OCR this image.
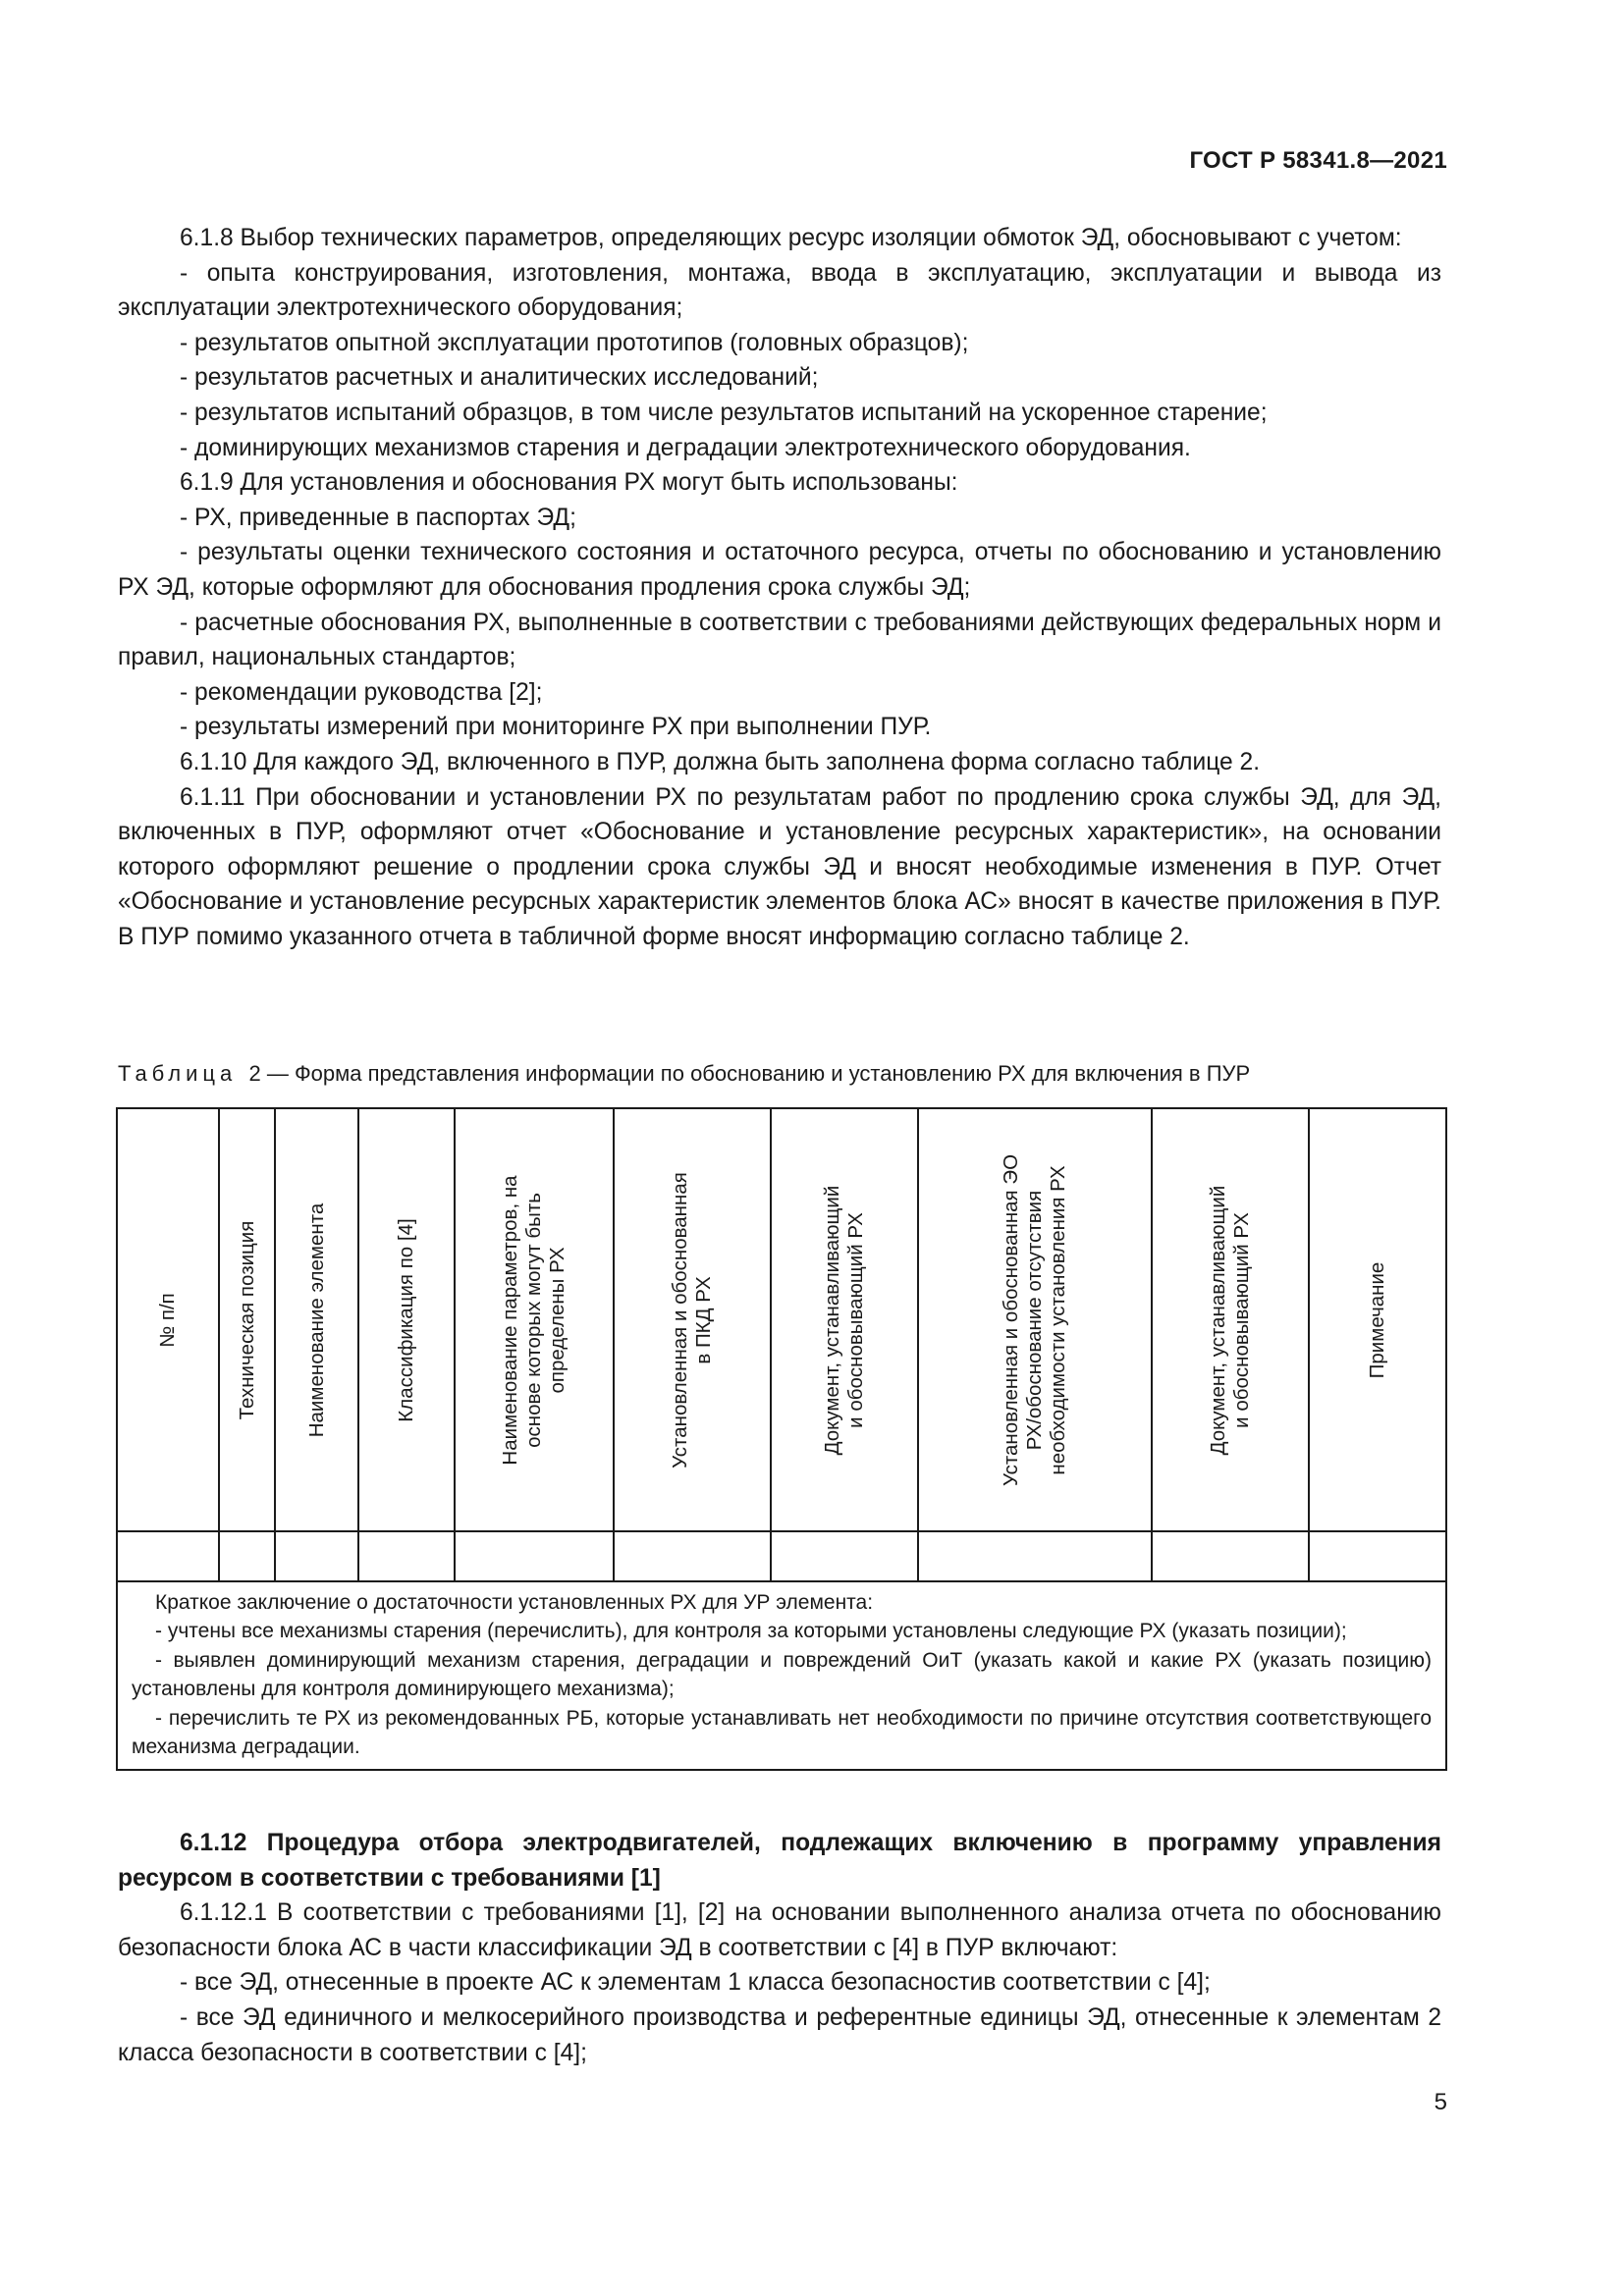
ГОСТ Р 58341.8—2021

6.1.8 Выбор технических параметров, определяющих ресурс изоляции обмоток ЭД, обосновывают с учетом:

- опыта конструирования, изготовления, монтажа, ввода в эксплуатацию, эксплуатации и вывода из эксплуатации электротехнического оборудования;

- результатов опытной эксплуатации прототипов (головных образцов);

- результатов расчетных и аналитических исследований;

- результатов испытаний образцов, в том числе результатов испытаний на ускоренное старение;

- доминирующих механизмов старения и деградации электротехнического оборудования.

6.1.9 Для установления и обоснования РХ могут быть использованы:

- РХ, приведенные в паспортах ЭД;

- результаты оценки технического состояния и остаточного ресурса, отчеты по обоснованию и установлению РХ ЭД, которые оформляют для обоснования продления срока службы ЭД;

- расчетные обоснования РХ, выполненные в соответствии с требованиями действующих федеральных норм и правил, национальных стандартов;

- рекомендации руководства [2];

- результаты измерений при мониторинге РХ при выполнении ПУР.

6.1.10 Для каждого ЭД, включенного в ПУР, должна быть заполнена форма согласно таблице 2.

6.1.11 При обосновании и установлении РХ по результатам работ по продлению срока службы ЭД, для ЭД, включенных в ПУР, оформляют отчет «Обоснование и установление ресурсных характеристик», на основании которого оформляют решение о продлении срока службы ЭД и вносят необходимые изменения в ПУР. Отчет «Обоснование и установление ресурсных характеристик элементов блока АС» вносят в качестве приложения в ПУР. В ПУР помимо указанного отчета в табличной форме вносят информацию согласно таблице 2.

Таблица 2 — Форма представления информации по обоснованию и установлению РХ для включения в ПУР
№ п/п	Техническая позиция	Наименование элемента	Классификация по [4]	Наименование параметров, на основе которых могут быть определены РХ	Установленная и обоснованная в ПКД РХ	Документ, устанавливающий и обосновывающий РХ	Установленная и обоснованная ЭО РХ/обоснование отсутствия необходимости установления РХ	Документ, устанавливающий и обосновывающий РХ	Примечание

Краткое заключение о достаточности установленных РХ для УР элемента:

- учтены все механизмы старения (перечислить), для контроля за которыми установлены следующие РХ (указать позиции);

- выявлен доминирующий механизм старения, деградации и повреждений ОиТ (указать какой и какие РХ (указать позицию) установлены для контроля доминирующего механизма);

- перечислить те РХ из рекомендованных РБ, которые устанавливать нет необходимости по причине отсутствия соответствующего механизма деградации.									

6.1.12 Процедура отбора электродвигателей, подлежащих включению в программу управления ресурсом в соответствии с требованиями [1]

6.1.12.1 В соответствии с требованиями [1], [2] на основании выполненного анализа отчета по обоснованию безопасности блока АС в части классификации ЭД в соответствии с [4] в ПУР включают:

- все ЭД, отнесенные в проекте АС к элементам 1 класса безопасностив соответствии с [4];

- все ЭД единичного и мелкосерийного производства и референтные единицы ЭД, отнесенные к элементам 2 класса безопасности в соответствии с [4];

5
